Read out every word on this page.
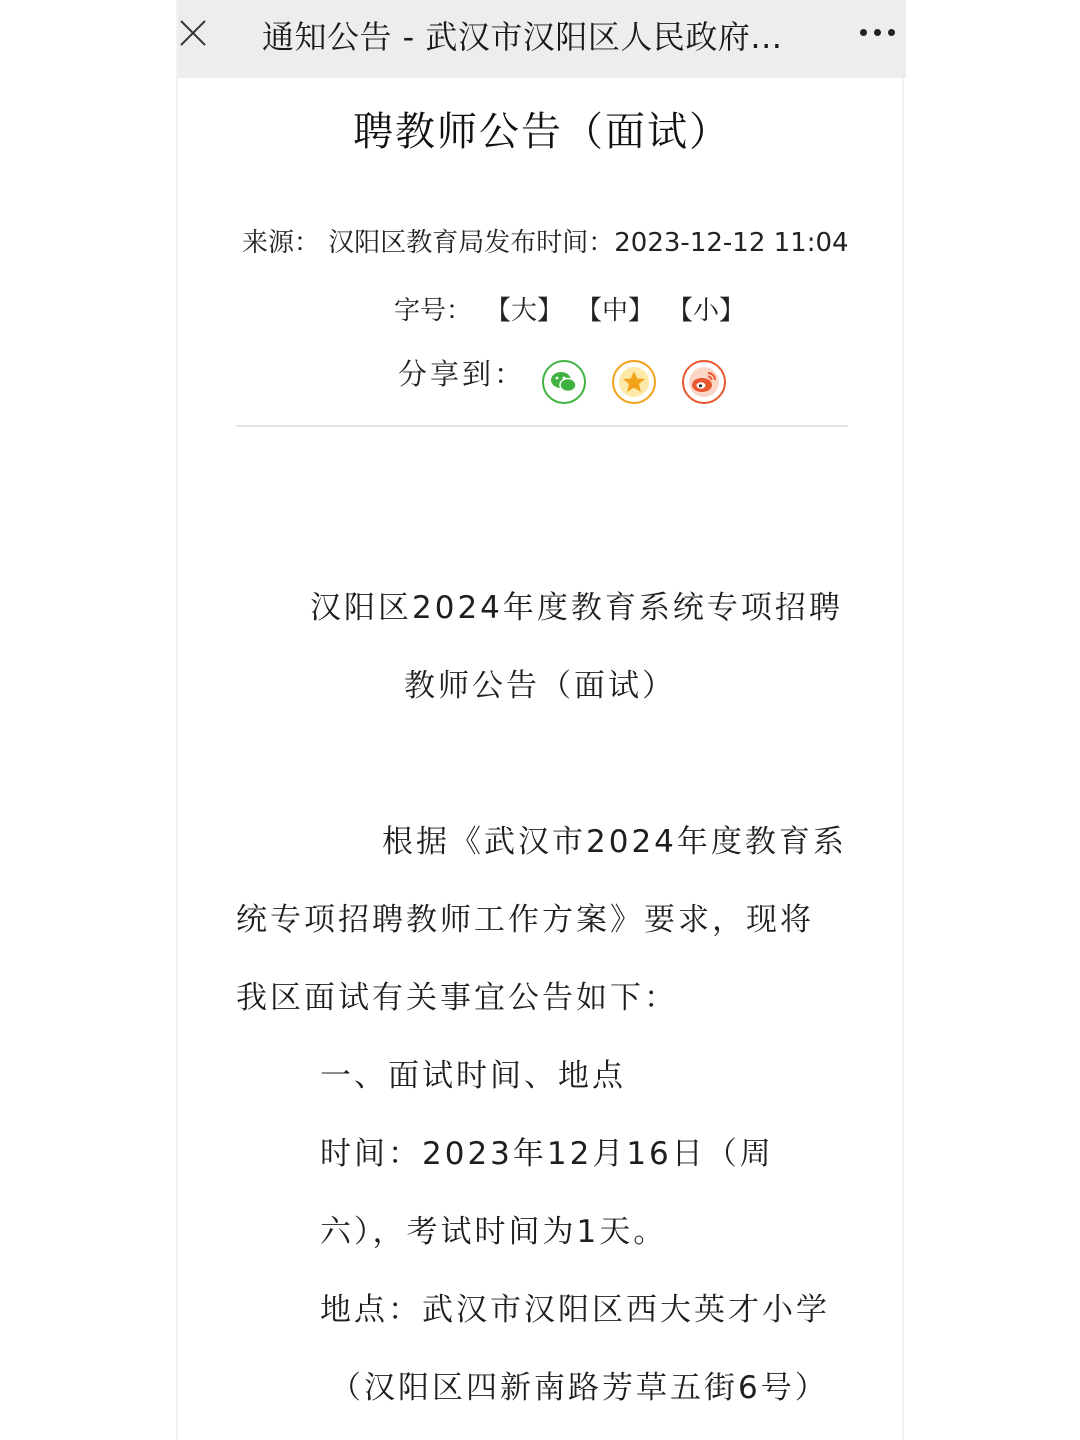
通知公告 - 武汉市汉阳区人民政府...
聘教师公告（面试）
来源： 汉阳区教育局发布时间：2023-12-12 11:04
字号： 【大】 【中】 【小】
分享到：
汉阳区2024年度教育系统专项招聘
教师公告（面试）
根据《武汉市2024年度教育系
统专项招聘教师工作方案》要求，现将
我区面试有关事宜公告如下：
一、面试时间、地点
时间：2023年12月16日（周
六），考试时间为1天。
地点：武汉市汉阳区西大英才小学
（汉阳区四新南路芳草五街6号）
